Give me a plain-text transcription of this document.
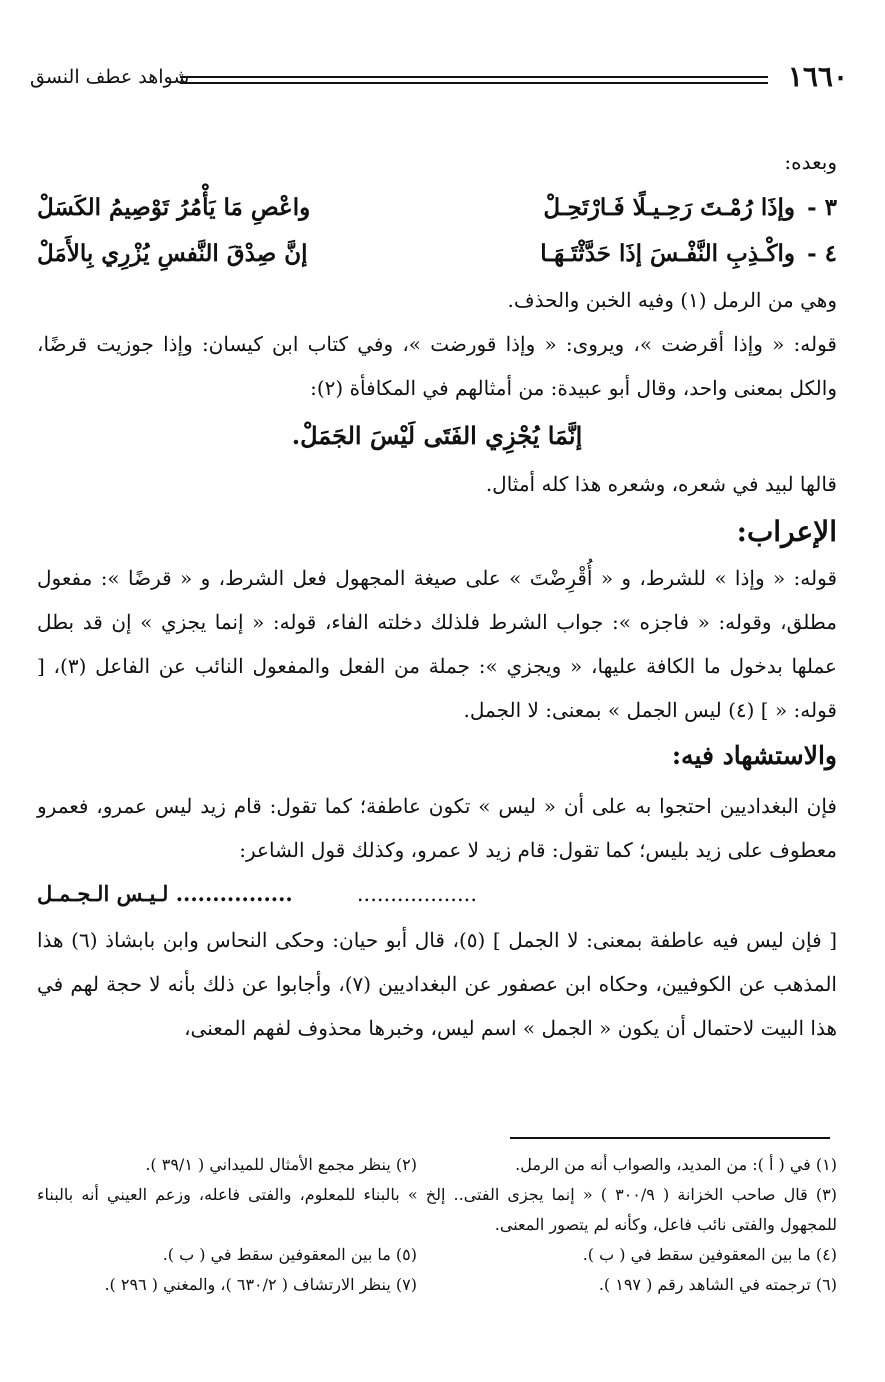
١٦٦٠
شواهد عطف النسق

وبعده:

٣ -
وإذَا رُمْـتَ رَحِـيـلًا فَـارْتَحِـلْ
واعْصِ مَا يَأْمُرُ تَوْصِيمُ الكَسَلْ
٤ -
واكْـذِبِ النَّفْـسَ إذَا حَدَّثْتَـهَـا
إنَّ صِدْقَ النَّفسِ يُزْرِي بِالأَمَلْ

وهي من الرمل (١) وفيه الخبن والحذف.

قوله: « وإذا أقرضت »، ويروى: « وإذا قورضت »، وفي كتاب ابن كيسان: وإذا جوزيت قرضًا، والكل بمعنى واحد، وقال أبو عبيدة: من أمثالهم في المكافأة (٢):

إنَّمَا يُجْزِي الفَتَى لَيْسَ الجَمَلْ.

قالها لبيد في شعره، وشعره هذا كله أمثال.

الإعراب:

قوله: « وإذا » للشرط، و « أُقْرِضْتَ » على صيغة المجهول فعل الشرط، و « قرضًا »: مفعول مطلق، وقوله: « فاجزه »: جواب الشرط فلذلك دخلته الفاء، قوله: « إنما يجزي » إن قد بطل عملها بدخول ما الكافة عليها، « ويجزي »: جملة من الفعل والمفعول النائب عن الفاعل (٣)، [ قوله: « ] (٤) ليس الجمل » بمعنى: لا الجمل.

والاستشهاد فيه:

فإن البغداديين احتجوا به على أن « ليس » تكون عاطفة؛ كما تقول: قام زيد ليس عمرو، فعمرو معطوف على زيد بليس؛ كما تقول: قام زيد لا عمرو، وكذلك قول الشاعر:

..................
................ لـيـس الـجـمـل

[ فإن ليس فيه عاطفة بمعنى: لا الجمل ] (٥)، قال أبو حيان: وحكى النحاس وابن بابشاذ (٦) هذا المذهب عن الكوفيين، وحكاه ابن عصفور عن البغداديين (٧)، وأجابوا عن ذلك بأنه لا حجة لهم في هذا البيت لاحتمال أن يكون « الجمل » اسم ليس، وخبرها محذوف لفهم المعنى،

(١) في ( أ ): من المديد، والصواب أنه من الرمل.
(٢) ينظر مجمع الأمثال للميداني ( ٣٩/١ ).
(٣) قال صاحب الخزانة ( ٣٠٠/٩ ) « إنما يجزى الفتى.. إلخ » بالبناء للمعلوم، والفتى فاعله، وزعم العيني أنه بالبناء للمجهول والفتى نائب فاعل، وكأنه لم يتصور المعنى.
(٤) ما بين المعقوفين سقط في ( ب ).
(٥) ما بين المعقوفين سقط في ( ب ).
(٦) ترجمته في الشاهد رقم ( ١٩٧ ).
(٧) ينظر الارتشاف ( ٦٣٠/٢ )، والمغني ( ٢٩٦ ).
